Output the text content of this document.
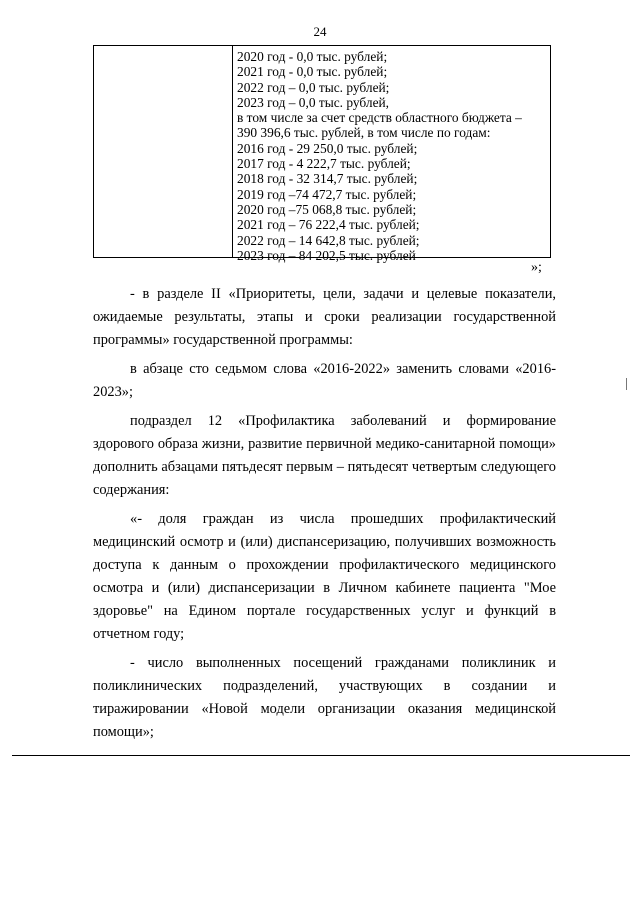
24
2020 год - 0,0 тыс. рублей;
2021 год - 0,0 тыс. рублей;
2022 год – 0,0 тыс. рублей;
2023 год – 0,0 тыс. рублей,
в том числе за счет средств областного бюджета –
390 396,6 тыс. рублей, в том числе по годам:
2016 год - 29 250,0 тыс. рублей;
2017 год - 4 222,7 тыс. рублей;
2018 год - 32 314,7 тыс. рублей;
2019 год –74 472,7 тыс. рублей;
2020 год –75 068,8 тыс. рублей;
2021 год – 76 222,4 тыс. рублей;
2022 год – 14 642,8 тыс. рублей;
2023 год – 84 202,5 тыс. рублей
»;

- в разделе II «Приоритеты, цели, задачи и целевые показатели, ожидаемые результаты, этапы и сроки реализации государственной программы» государственной программы:

в абзаце сто седьмом слова «2016-2022» заменить словами «2016-2023»;

подраздел 12 «Профилактика заболеваний и формирование здорового образа жизни, развитие первичной медико-санитарной помощи» дополнить абзацами пятьдесят первым – пятьдесят четвертым следующего содержания:

«- доля граждан из числа прошедших профилактический медицинский осмотр и (или) диспансеризацию, получивших возможность доступа к данным о прохождении профилактического медицинского осмотра и (или) диспансеризации в Личном кабинете пациента "Мое здоровье" на Едином портале государственных услуг и функций в отчетном году;

- число выполненных посещений гражданами поликлиник и поликлинических подразделений, участвующих в создании и тиражировании «Новой модели организации оказания медицинской помощи»;
